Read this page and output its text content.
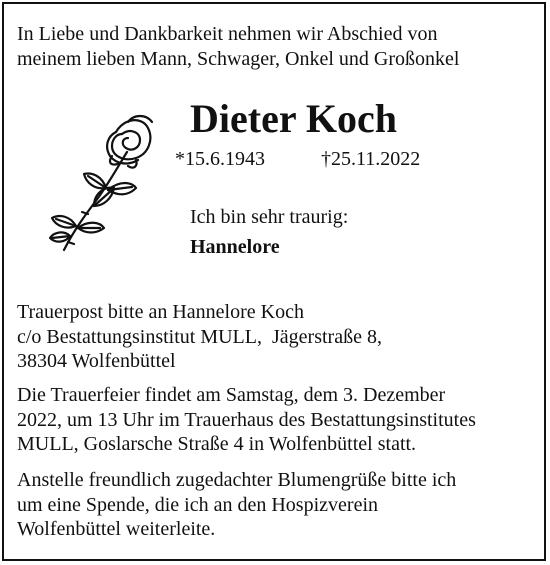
In Liebe und Dankbarkeit nehmen wir Abschied von
meinem lieben Mann, Schwager, Onkel und Großonkel

Dieter Koch
*15.6.1943	†25.11.2022
Ich bin sehr traurig:
Hannelore

Trauerpost bitte an Hannelore Koch
c/o Bestattungsinstitut MULL,  Jägerstraße 8,
38304 Wolfenbüttel

Die Trauerfeier findet am Samstag, dem 3. Dezember
2022, um 13 Uhr im Trauerhaus des Bestattungsinstitutes
MULL, Goslarsche Straße 4 in Wolfenbüttel statt.

Anstelle freundlich zugedachter Blumengrüße bitte ich
um eine Spende, die ich an den Hospizverein
Wolfenbüttel weiterleite.
